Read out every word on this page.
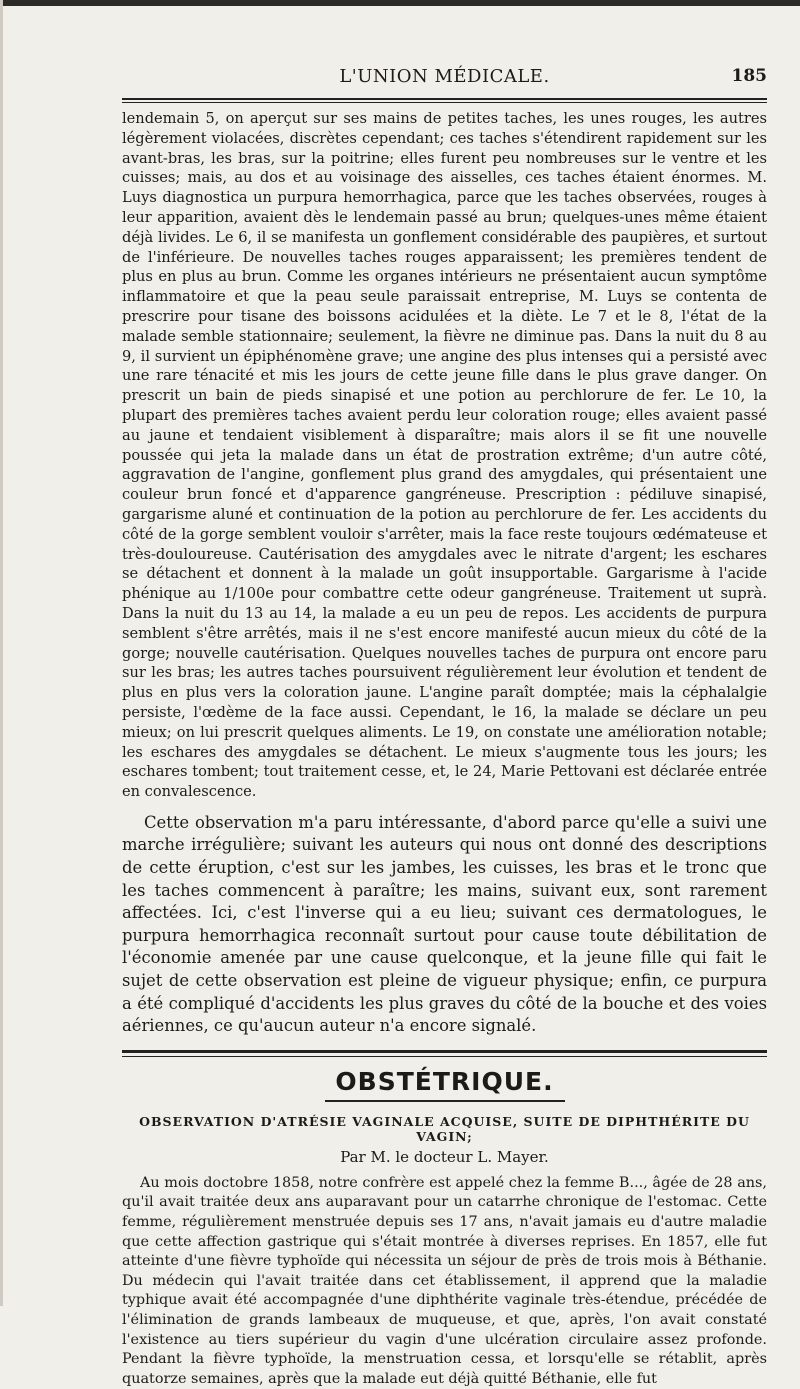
L'UNION MÉDICALE.	185

lendemain 5, on aperçut sur ses mains de petites taches, les unes rouges, les autres légèrement violacées, discrètes cependant; ces taches s'étendirent rapidement sur les avant-bras, les bras, sur la poitrine; elles furent peu nombreuses sur le ventre et les cuisses; mais, au dos et au voisinage des aisselles, ces taches étaient énormes. M. Luys diagnostica un purpura hemorrhagica, parce que les taches observées, rouges à leur apparition, avaient dès le lendemain passé au brun; quelques-unes même étaient déjà livides. Le 6, il se manifesta un gonflement considérable des paupières, et surtout de l'inférieure. De nouvelles taches rouges apparaissent; les premières tendent de plus en plus au brun. Comme les organes intérieurs ne présentaient aucun symptôme inflammatoire et que la peau seule paraissait entreprise, M. Luys se contenta de prescrire pour tisane des boissons acidulées et la diète. Le 7 et le 8, l'état de la malade semble stationnaire; seulement, la fièvre ne diminue pas. Dans la nuit du 8 au 9, il survient un épiphénomène grave; une angine des plus intenses qui a persisté avec une rare ténacité et mis les jours de cette jeune fille dans le plus grave danger. On prescrit un bain de pieds sinapisé et une potion au perchlorure de fer. Le 10, la plupart des premières taches avaient perdu leur coloration rouge; elles avaient passé au jaune et tendaient visiblement à disparaître; mais alors il se fit une nouvelle poussée qui jeta la malade dans un état de prostration extrême; d'un autre côté, aggravation de l'angine, gonflement plus grand des amygdales, qui présentaient une couleur brun foncé et d'apparence gangréneuse. Prescription : pédiluve sinapisé, gargarisme aluné et continuation de la potion au perchlorure de fer. Les accidents du côté de la gorge semblent vouloir s'arrêter, mais la face reste toujours œdémateuse et très-douloureuse. Cautérisation des amygdales avec le nitrate d'argent; les eschares se détachent et donnent à la malade un goût insupportable. Gargarisme à l'acide phénique au 1/100e pour combattre cette odeur gangréneuse. Traitement ut suprà. Dans la nuit du 13 au 14, la malade a eu un peu de repos. Les accidents de purpura semblent s'être arrêtés, mais il ne s'est encore manifesté aucun mieux du côté de la gorge; nouvelle cautérisation. Quelques nouvelles taches de purpura ont encore paru sur les bras; les autres taches poursuivent régulièrement leur évolution et tendent de plus en plus vers la coloration jaune. L'angine paraît domptée; mais la céphalalgie persiste, l'œdème de la face aussi. Cependant, le 16, la malade se déclare un peu mieux; on lui prescrit quelques aliments. Le 19, on constate une amélioration notable; les eschares des amygdales se détachent. Le mieux s'augmente tous les jours; les eschares tombent; tout traitement cesse, et, le 24, Marie Pettovani est déclarée entrée en convalescence.

Cette observation m'a paru intéressante, d'abord parce qu'elle a suivi une marche irrégulière; suivant les auteurs qui nous ont donné des descriptions de cette éruption, c'est sur les jambes, les cuisses, les bras et le tronc que les taches commencent à paraître; les mains, suivant eux, sont rarement affectées. Ici, c'est l'inverse qui a eu lieu; suivant ces dermatologues, le purpura hemorrhagica reconnaît surtout pour cause toute débilitation de l'économie amenée par une cause quelconque, et la jeune fille qui fait le sujet de cette observation est pleine de vigueur physique; enfin, ce purpura a été compliqué d'accidents les plus graves du côté de la bouche et des voies aériennes, ce qu'aucun auteur n'a encore signalé.

OBSTÉTRIQUE.
OBSERVATION D'ATRÉSIE VAGINALE ACQUISE, SUITE DE DIPHTHÉRITE DU VAGIN;
Par M. le docteur L. Mayer.

Au mois doctobre 1858, notre confrère est appelé chez la femme B..., âgée de 28 ans, qu'il avait traitée deux ans auparavant pour un catarrhe chronique de l'estomac. Cette femme, régulièrement menstruée depuis ses 17 ans, n'avait jamais eu d'autre maladie que cette affection gastrique qui s'était montrée à diverses reprises. En 1857, elle fut atteinte d'une fièvre typhoïde qui nécessita un séjour de près de trois mois à Béthanie. Du médecin qui l'avait traitée dans cet établissement, il apprend que la maladie typhique avait été accompagnée d'une diphthérite vaginale très-étendue, précédée de l'élimination de grands lambeaux de muqueuse, et que, après, l'on avait constaté l'existence au tiers supérieur du vagin d'une ulcération circulaire assez profonde. Pendant la fièvre typhoïde, la menstruation cessa, et lorsqu'elle se rétablit, après quatorze semaines, après que la malade eut déjà quitté Béthanie, elle fut
